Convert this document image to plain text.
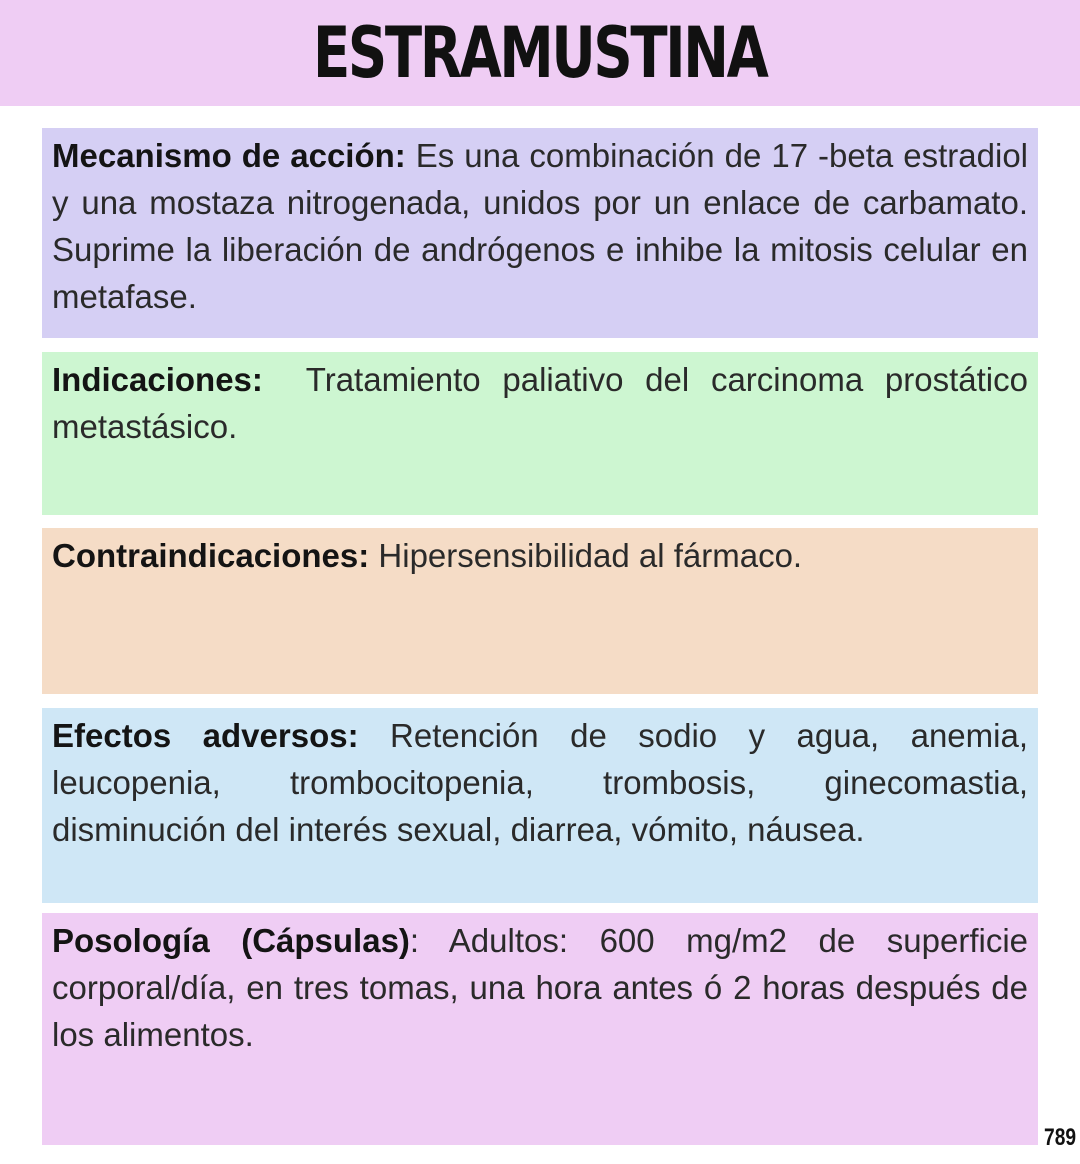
ESTRAMUSTINA

Mecanismo de acción: Es una combinación de 17 -beta estradiol y una mostaza nitrogenada, unidos por un enlace de carbamato. Suprime la liberación de andrógenos e inhibe la mitosis celular en metafase.

Indicaciones: Tratamiento paliativo del carcinoma prostático metastásico.

Contraindicaciones: Hipersensibilidad al fármaco.

Efectos adversos: Retención de sodio y agua, anemia, leucopenia, trombocitopenia, trombosis, ginecomastia, disminución del interés sexual, diarrea, vómito, náusea.

Posología (Cápsulas): Adultos: 600 mg/m2 de superficie corporal/día, en tres tomas, una hora antes ó 2 horas después de los alimentos.

789
